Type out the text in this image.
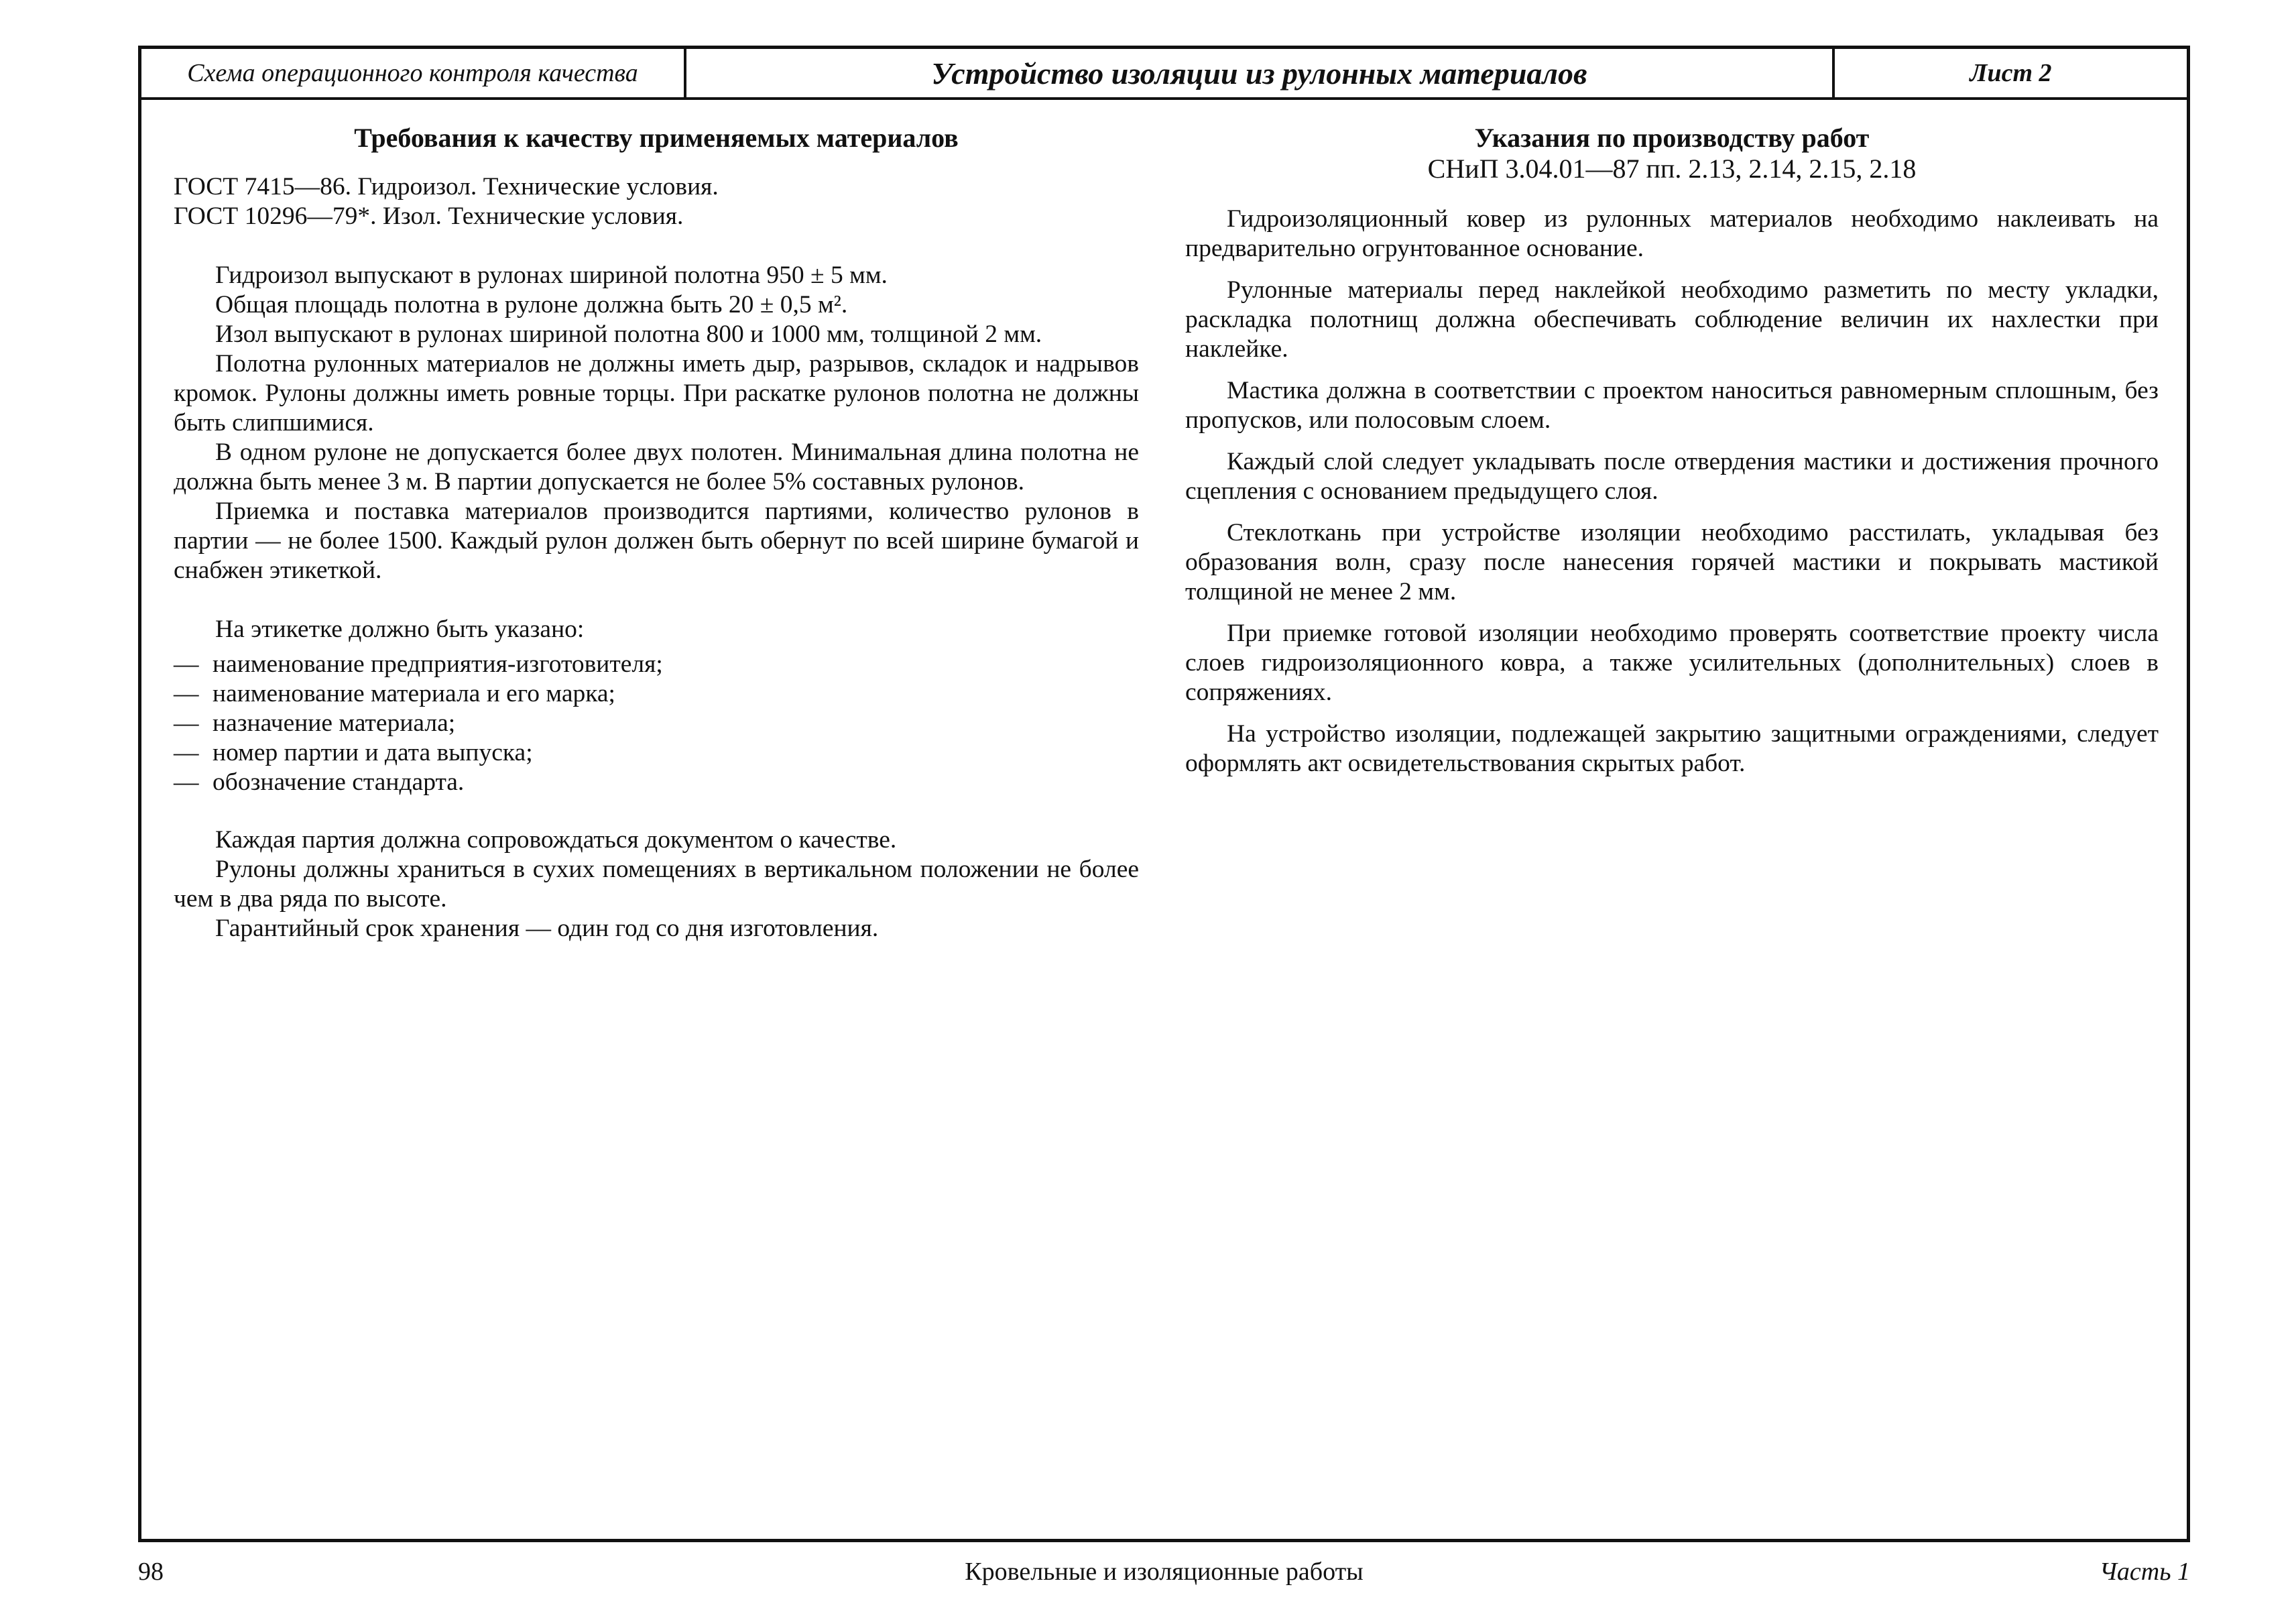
Схема операционного контроля качества	Устройство изоляции из рулонных материалов	Лист 2
Требования к качеству применяемых материалов

ГОСТ 7415—86. Гидроизол. Технические условия.

ГОСТ 10296—79*. Изол. Технические условия.

Гидроизол выпускают в рулонах шириной полотна 950 ± 5 мм.

Общая площадь полотна в рулоне должна быть 20 ± 0,5 м².

Изол выпускают в рулонах шириной полотна 800 и 1000 мм, толщиной 2 мм.

Полотна рулонных материалов не должны иметь дыр, разрывов, складок и надрывов кромок. Рулоны должны иметь ровные торцы. При раскатке рулонов полотна не должны быть слипшимися.

В одном рулоне не допускается более двух полотен. Минимальная длина полотна не должна быть менее 3 м. В партии допускается не более 5% составных рулонов.

Приемка и поставка материалов производится партиями, количество рулонов в партии — не более 1500. Каждый рулон должен быть обернут по всей ширине бумагой и снабжен этикеткой.

На этикетке должно быть указано:

— наименование предприятия-изготовителя;
— наименование материала и его марка;
— назначение материала;
— номер партии и дата выпуска;
— обозначение стандарта.

Каждая партия должна сопровождаться документом о качестве.

Рулоны должны храниться в сухих помещениях в вертикальном положении не более чем в два ряда по высоте.

Гарантийный срок хранения — один год со дня изготовления.

Указания по производству работ
СНиП 3.04.01—87 пп. 2.13, 2.14, 2.15, 2.18

Гидроизоляционный ковер из рулонных материалов необходимо наклеивать на предварительно огрунтованное основание.

Рулонные материалы перед наклейкой необходимо разметить по месту укладки, раскладка полотнищ должна обеспечивать соблюдение величин их нахлестки при наклейке.

Мастика должна в соответствии с проектом наноситься равномерным сплошным, без пропусков, или полосовым слоем.

Каждый слой следует укладывать после отвердения мастики и достижения прочного сцепления с основанием предыдущего слоя.

Стеклоткань при устройстве изоляции необходимо расстилать, укладывая без образования волн, сразу после нанесения горячей мастики и покрывать мастикой толщиной не менее 2 мм.

При приемке готовой изоляции необходимо проверять соответствие проекту числа слоев гидроизоляционного ковра, а также усилительных (дополнительных) слоев в сопряжениях.

На устройство изоляции, подлежащей закрытию защитными ограждениями, следует оформлять акт освидетельствования скрытых работ.

98	Кровельные и изоляционные работы	Часть 1
